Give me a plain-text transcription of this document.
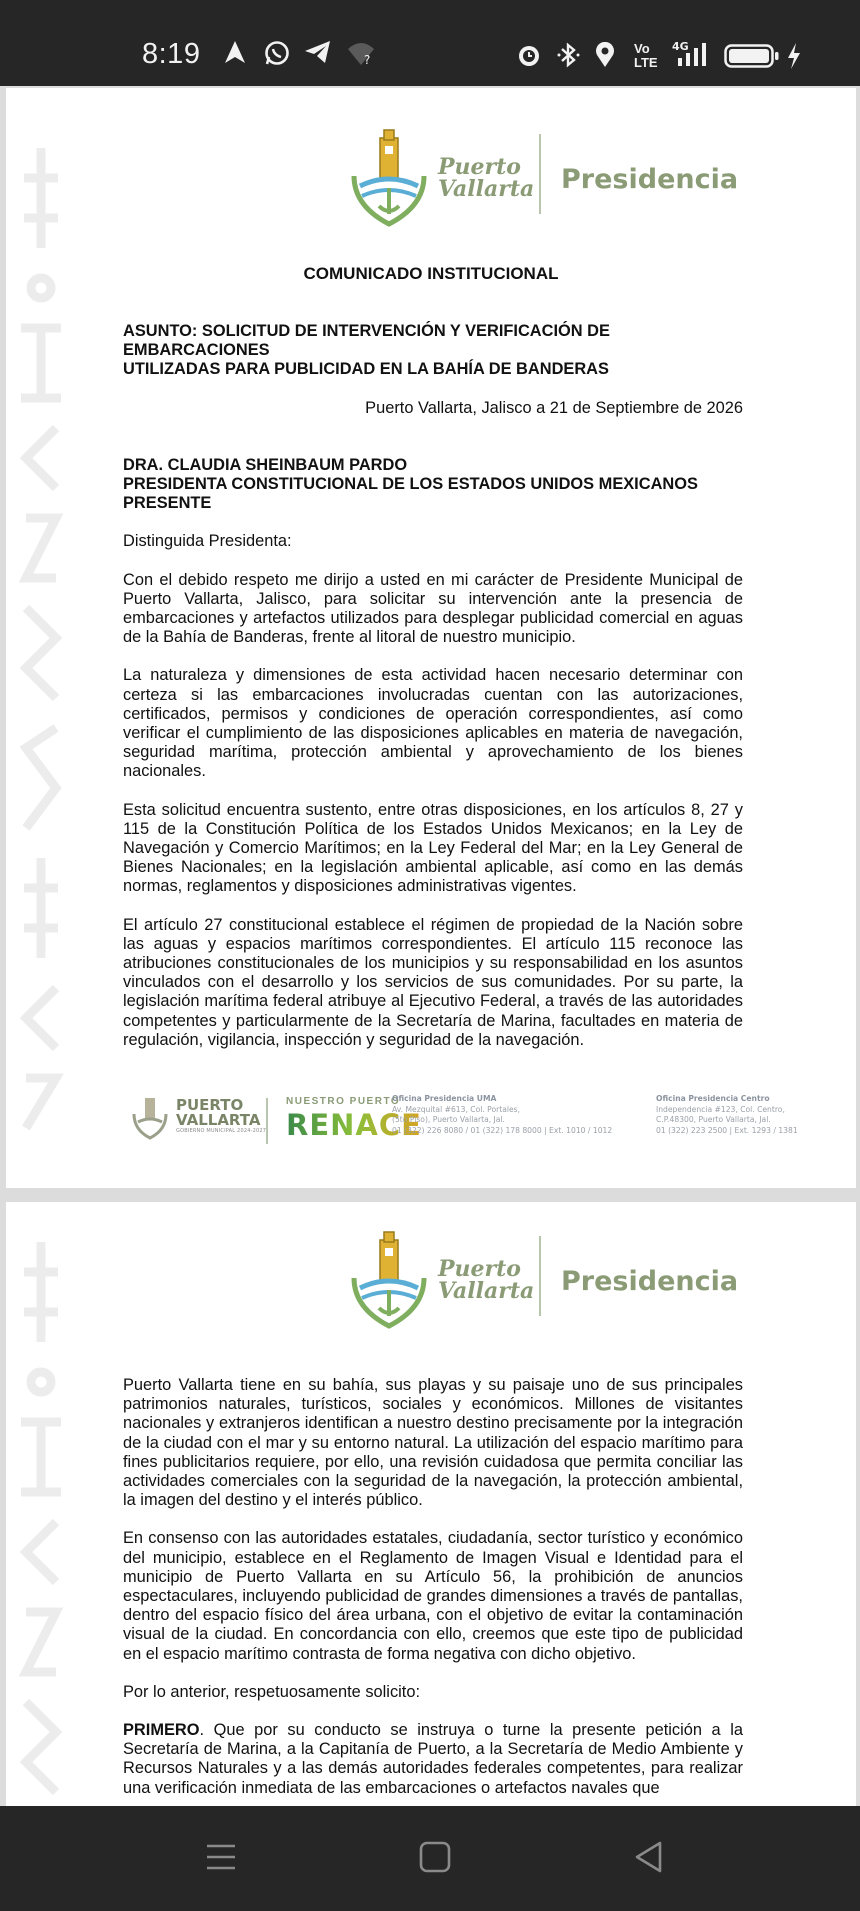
8:19	?
Vo LTE
4G
Puerto
Vallarta Presidencia
COMUNICADO INSTITUCIONAL
ASUNTO: SOLICITUD DE INTERVENCIÓN Y VERIFICACIÓN DE
EMBARCACIONES
UTILIZADAS PARA PUBLICIDAD EN LA BAHÍA DE BANDERAS
Puerto Vallarta, Jalisco a 21 de Septiembre de 2026
DRA. CLAUDIA SHEINBAUM PARDO
PRESIDENTA CONSTITUCIONAL DE LOS ESTADOS UNIDOS MEXICANOS
PRESENTE

Distinguida Presidenta:

Con el debido respeto me dirijo a usted en mi carácter de Presidente Municipal de Puerto Vallarta, Jalisco, para solicitar su intervención ante la presencia de embarcaciones y artefactos utilizados para desplegar publicidad comercial en aguas de la Bahía de Banderas, frente al litoral de nuestro municipio.

La naturaleza y dimensiones de esta actividad hacen necesario determinar con certeza si las embarcaciones involucradas cuentan con las autorizaciones, certificados, permisos y condiciones de operación correspondientes, así como verificar el cumplimiento de las disposiciones aplicables en materia de navegación, seguridad marítima, protección ambiental y aprovechamiento de los bienes nacionales.

Esta solicitud encuentra sustento, entre otras disposiciones, en los artículos 8, 27 y 115 de la Constitución Política de los Estados Unidos Mexicanos; en la Ley de Navegación y Comercio Marítimos; en la Ley Federal del Mar; en la Ley General de Bienes Nacionales; en la legislación ambiental aplicable, así como en las demás normas, reglamentos y disposiciones administrativas vigentes.

El artículo 27 constitucional establece el régimen de propiedad de la Nación sobre las aguas y espacios marítimos correspondientes. El artículo 115 reconoce las atribuciones constitucionales de los municipios y su responsabilidad en los asuntos vinculados con el desarrollo y los servicios de sus comunidades. Por su parte, la legislación marítima federal atribuye al Ejecutivo Federal, a través de las autoridades competentes y particularmente de la Secretaría de Marina, facultades en materia de regulación, vigilancia, inspección y seguridad de la navegación.

PUERTO
VALLARTA
GOBIERNO MUNICIPAL 2024-2027
NUESTRO PUERTO
RENACE
Oficina Presidencia UMA
Av. Mezquital #613, Col. Portales,
(5to Piso), Puerto Vallarta, Jal.
01 (322) 226 8080 / 01 (322) 178 8000 | Ext. 1010 / 1012
Oficina Presidencia Centro
Independencia #123, Col. Centro,
C.P.48300, Puerto Vallarta, Jal.
01 (322) 223 2500 | Ext. 1293 / 1381
Puerto
Vallarta Presidencia

Puerto Vallarta tiene en su bahía, sus playas y su paisaje uno de sus principales patrimonios naturales, turísticos, sociales y económicos. Millones de visitantes nacionales y extranjeros identifican a nuestro destino precisamente por la integración de la ciudad con el mar y su entorno natural. La utilización del espacio marítimo para fines publicitarios requiere, por ello, una revisión cuidadosa que permita conciliar las actividades comerciales con la seguridad de la navegación, la protección ambiental, la imagen del destino y el interés público.

En consenso con las autoridades estatales, ciudadanía, sector turístico y económico del municipio, establece en el Reglamento de Imagen Visual e Identidad para el municipio de Puerto Vallarta en su Artículo 56, la prohibición de anuncios espectaculares, incluyendo publicidad de grandes dimensiones a través de pantallas, dentro del espacio físico del área urbana, con el objetivo de evitar la contaminación visual de la ciudad. En concordancia con ello, creemos que este tipo de publicidad en el espacio marítimo contrasta de forma negativa con dicho objetivo.

Por lo anterior, respetuosamente solicito:

PRIMERO. Que por su conducto se instruya o turne la presente petición a la Secretaría de Marina, a la Capitanía de Puerto, a la Secretaría de Medio Ambiente y Recursos Naturales y a las demás autoridades federales competentes, para realizar una verificación inmediata de las embarcaciones o artefactos navales que
